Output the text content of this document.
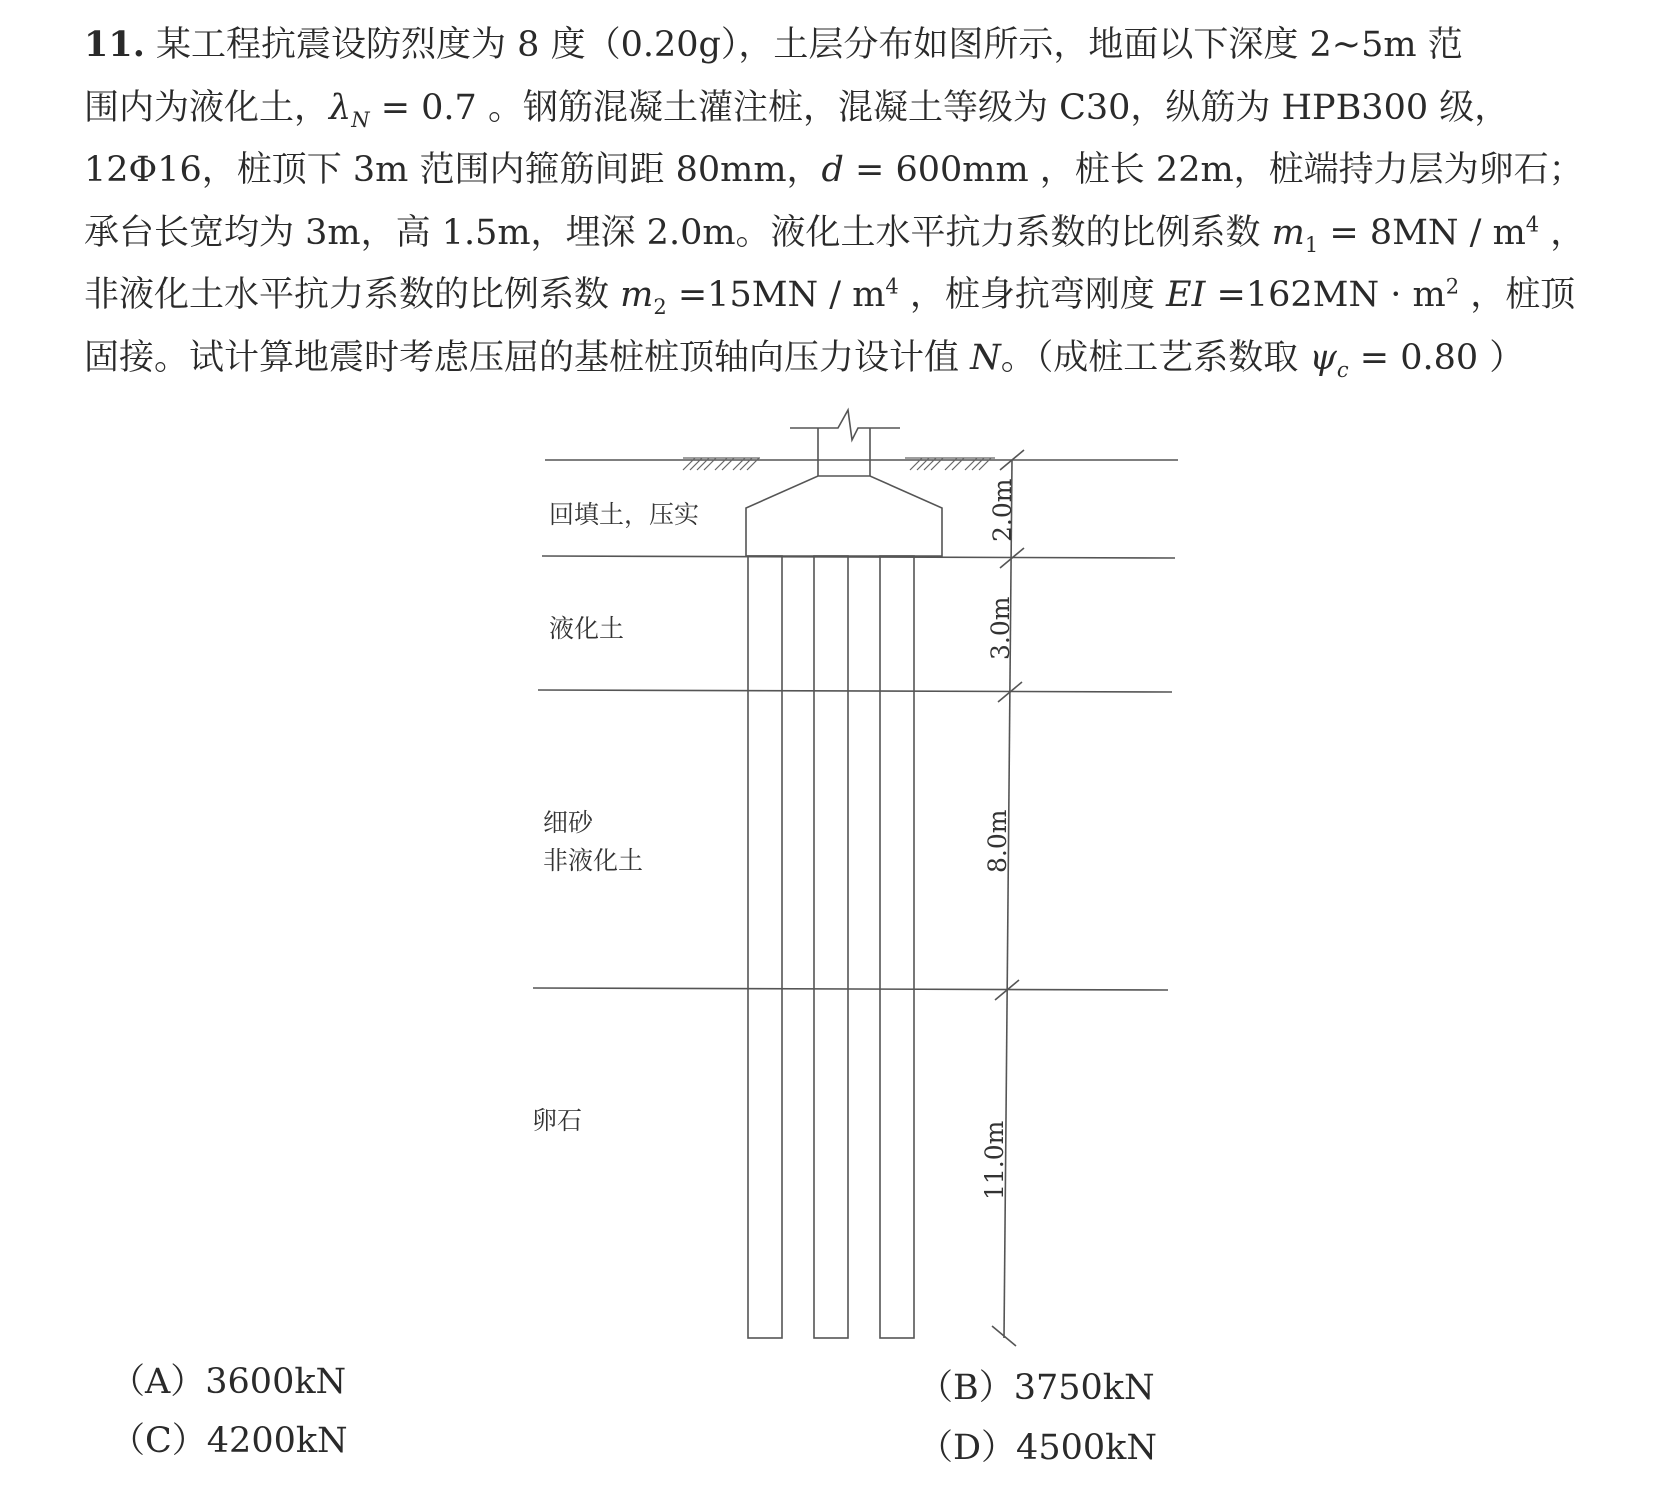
11. 某工程抗震设防烈度为 8 度（0.20g），土层分布如图所示，地面以下深度 2~5m 范
围内为液化土，$\lambda_N = 0.7$ 。钢筋混凝土灌注桩，混凝土等级为 C30，纵筋为 HPB300 级，
12Φ16，桩顶下 3m 范围内箍筋间距 80mm，d = 600mm ，桩长 22m，桩端持力层为卵石；
承台长宽均为 3m，高 1.5m，埋深 2.0m。液化土水平抗力系数的比例系数 $m_1 = 8MN / m^4$ ，
非液化土水平抗力系数的比例系数 $m_2 =15MN / m^4$ ，桩身抗弯刚度 EI $=162MN \cdot m^2$ ，桩顶
固接。试计算地震时考虑压屈的基桩桩顶轴向压力设计值 N。（成桩工艺系数取 $\psi_c = 0.80$ ）
回填土，压实
液化土
细砂
非液化土
卵石
2.0m
3.0m
8.0m
11.0m
（A）3600kN	（B）3750kN
（C）4200kN	（D）4500kN
